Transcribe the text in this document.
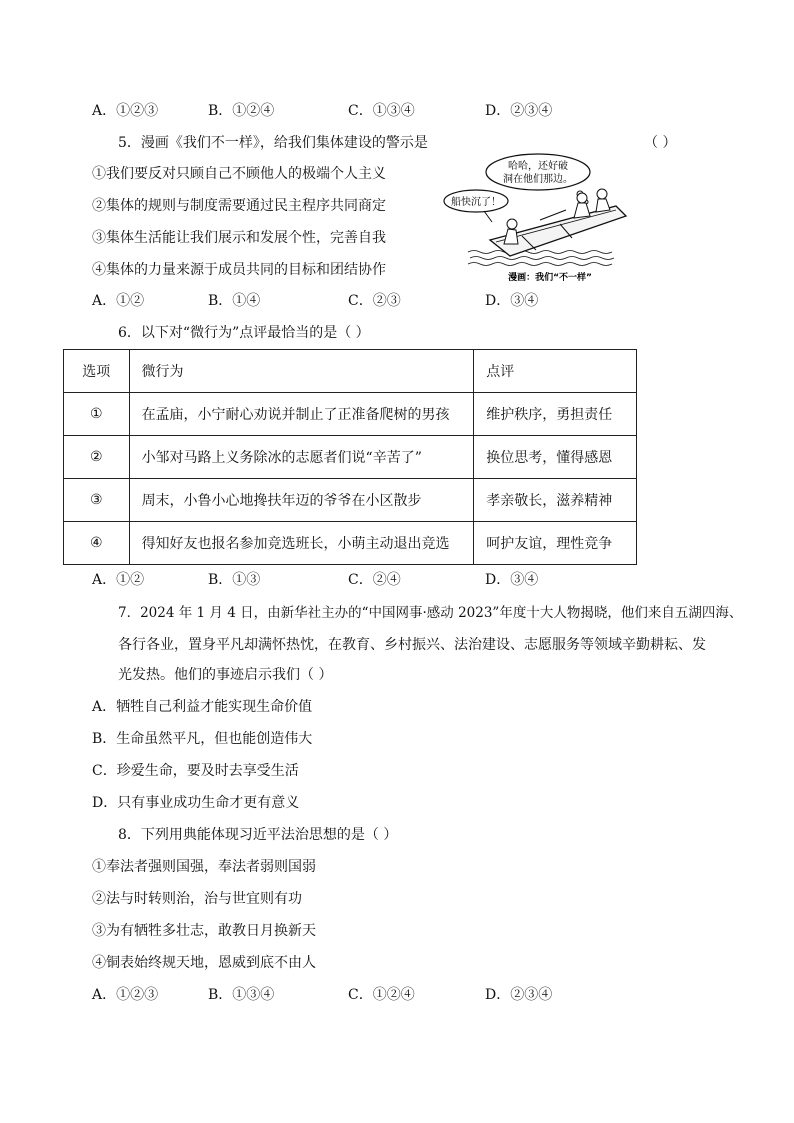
A．①②③	B．①②④	C．①③④	D．②③④
5．漫画《我们不一样》，给我们集体建设的警示是	（ ）
①我们要反对只顾自己不顾他人的极端个人主义
②集体的规则与制度需要通过民主程序共同商定
③集体生活能让我们展示和发展个性，完善自我
④集体的力量来源于成员共同的目标和团结协作
哈哈，还好破
洞在他们那边。
船快沉了！
漫画：我们“不一样”
A．①②	B．①④	C．②③	D．③④
6．以下对“微行为”点评最恰当的是（ ）
选项	微行为	点评
①	在孟庙，小宁耐心劝说并制止了正准备爬树的男孩	维护秩序，勇担责任
②	小邹对马路上义务除冰的志愿者们说“辛苦了”	换位思考，懂得感恩
③	周末，小鲁小心地搀扶年迈的爷爷在小区散步	孝亲敬长，滋养精神
④	得知好友也报名参加竞选班长，小萌主动退出竞选	呵护友谊，理性竞争
A．①②	B．①③	C．②④	D．③④
7．2024 年 1 月 4 日，由新华社主办的“中国网事·感动 2023”年度十大人物揭晓，他们来自五湖四海、
各行各业，置身平凡却满怀热忱，在教育、乡村振兴、法治建设、志愿服务等领域辛勤耕耘、发
光发热。他们的事迹启示我们（ ）
A．牺牲自己利益才能实现生命价值
B．生命虽然平凡，但也能创造伟大
C．珍爱生命，要及时去享受生活
D．只有事业成功生命才更有意义
8．下列用典能体现习近平法治思想的是（ ）
①奉法者强则国强，奉法者弱则国弱
②法与时转则治，治与世宜则有功
③为有牺牲多壮志，敢教日月换新天
④铜表始终规天地，恩威到底不由人
A．①②③	B．①③④	C．①②④	D．②③④
